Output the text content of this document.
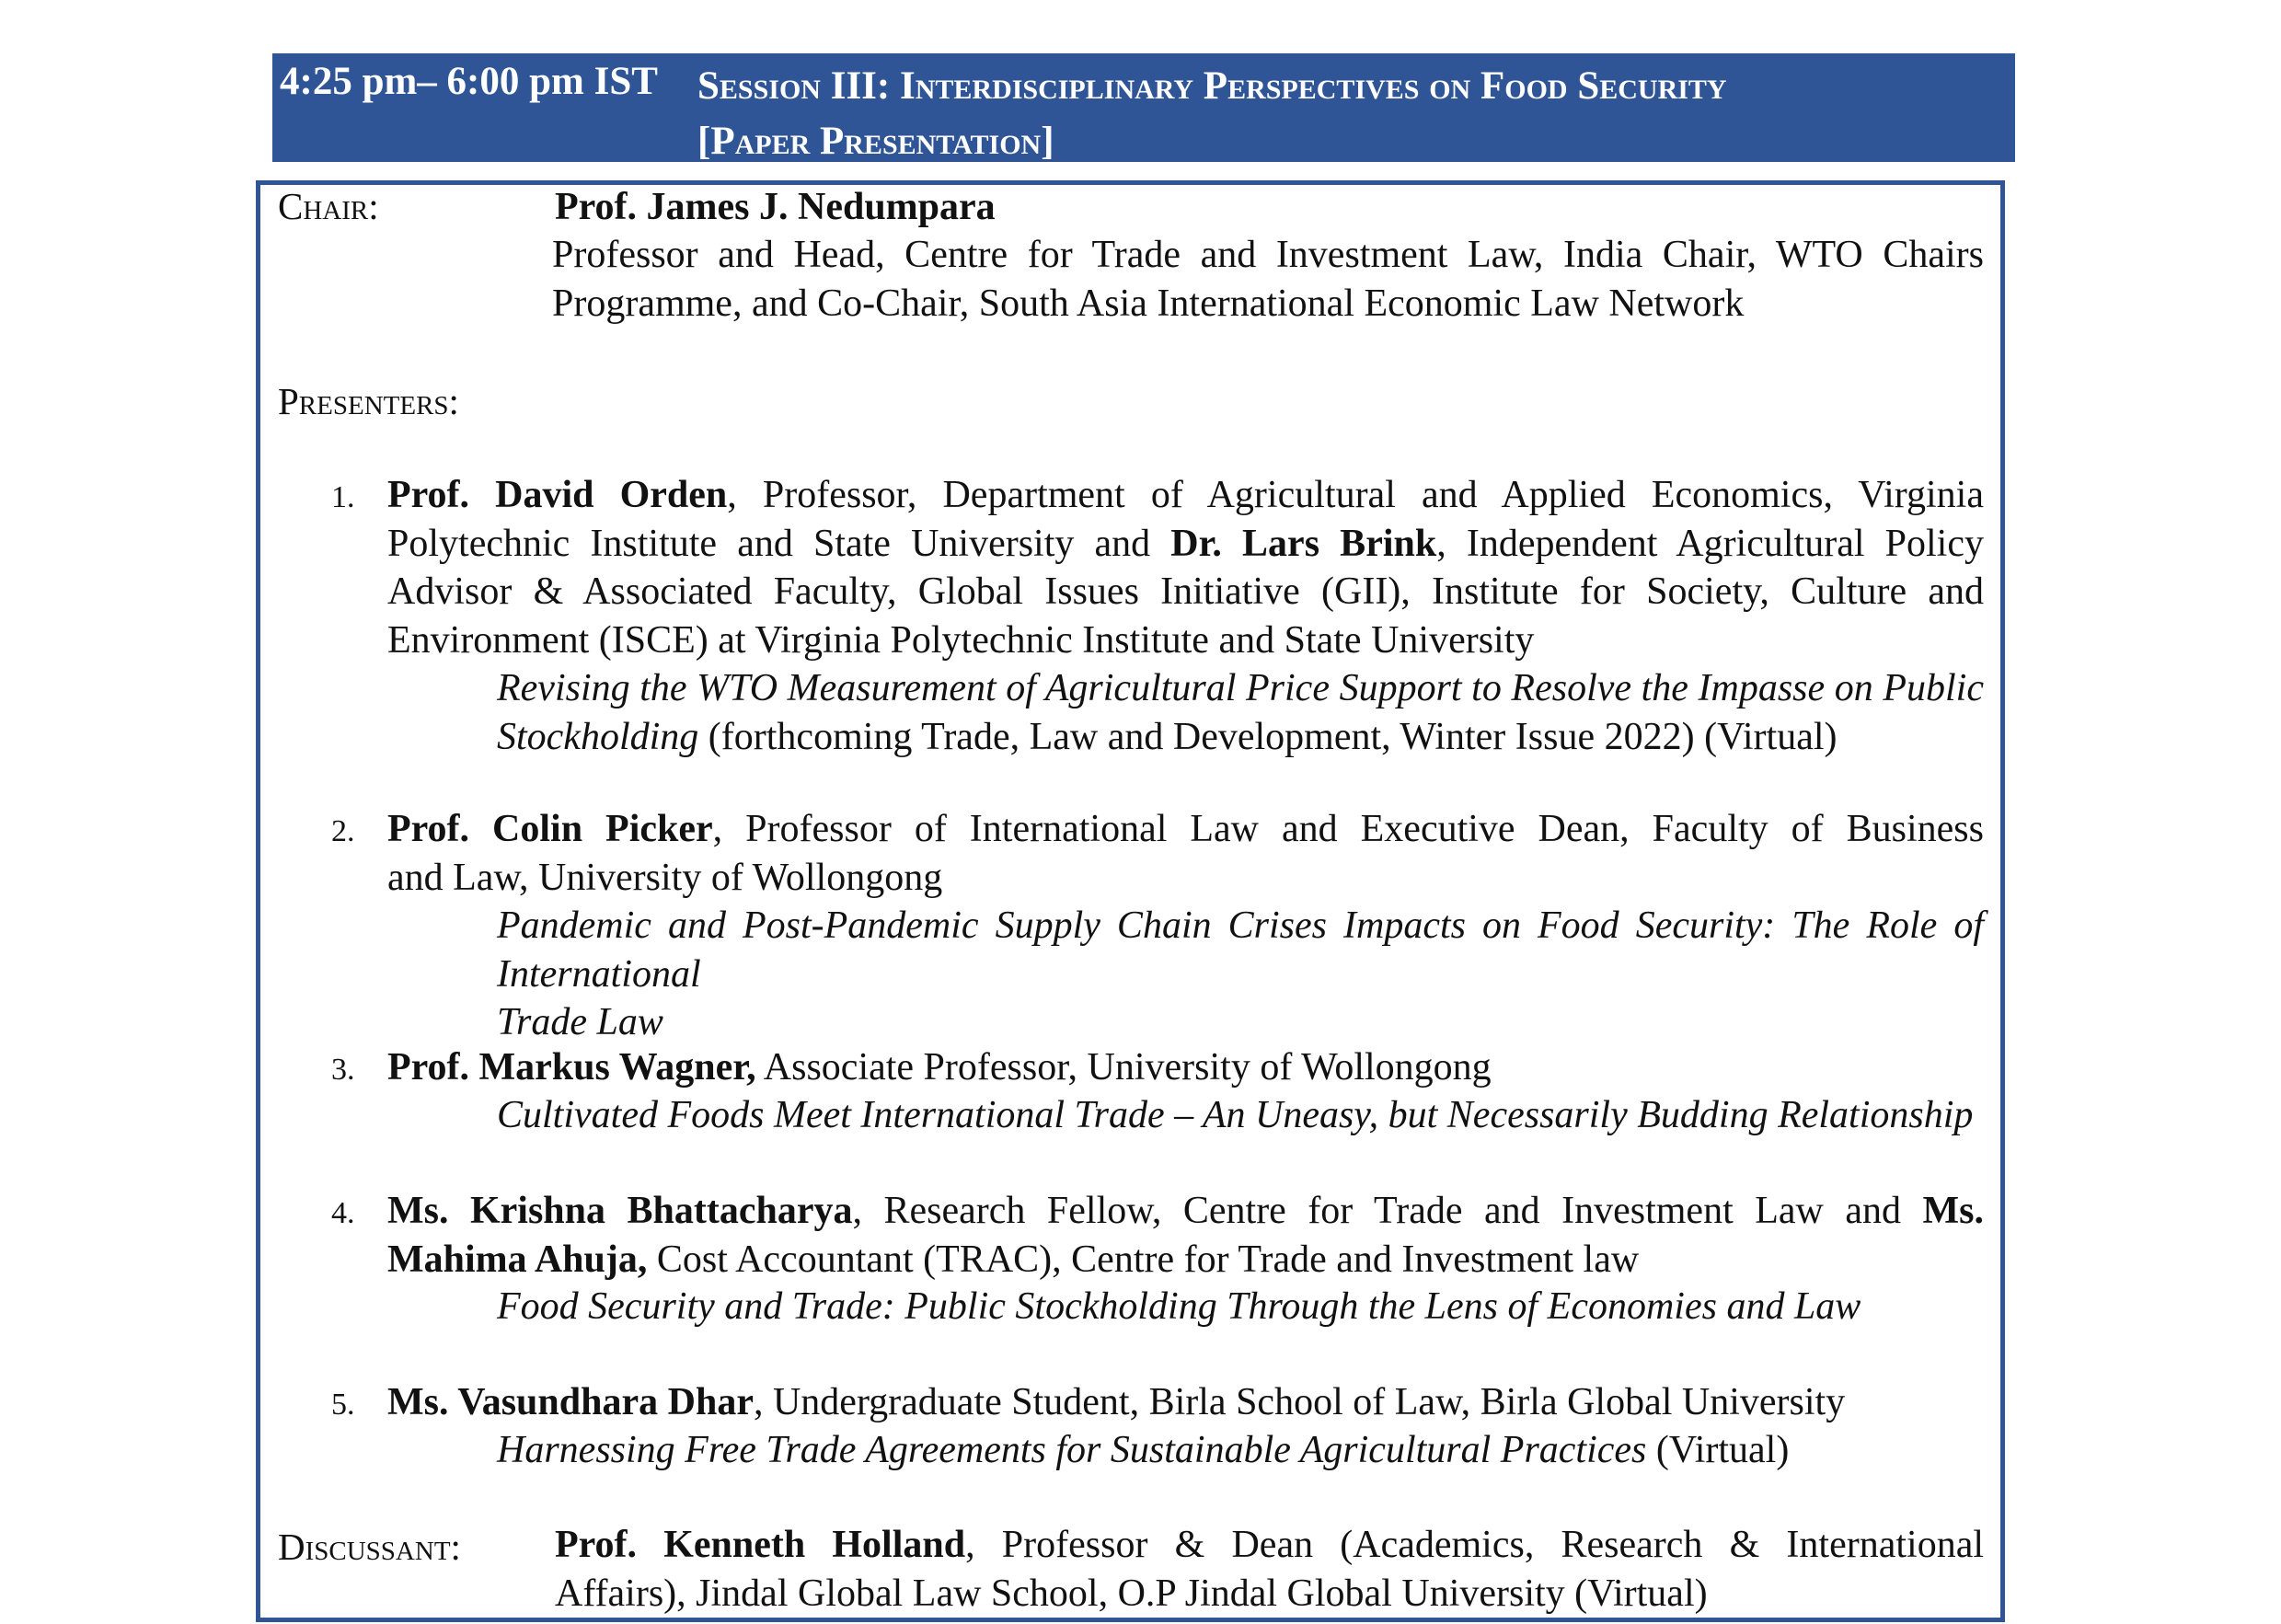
4:25 pm– 6:00 pm IST Session III: Interdisciplinary Perspectives on Food Security
[Paper Presentation]
Chair:	Prof. James J. Nedumpara
Professor and Head, Centre for Trade and Investment Law, India Chair, WTO Chairs
Programme, and Co-Chair, South Asia International Economic Law Network
Presenters:
1. Prof. David Orden, Professor, Department of Agricultural and Applied Economics, Virginia
Polytechnic Institute and State University and Dr. Lars Brink, Independent Agricultural Policy
Advisor & Associated Faculty, Global Issues Initiative (GII), Institute for Society, Culture and
Environment (ISCE) at Virginia Polytechnic Institute and State University
Revising the WTO Measurement of Agricultural Price Support to Resolve the Impasse on Public
Stockholding (forthcoming Trade, Law and Development, Winter Issue 2022) (Virtual)
2. Prof. Colin Picker, Professor of International Law and Executive Dean, Faculty of Business
and Law, University of Wollongong
Pandemic and Post-Pandemic Supply Chain Crises Impacts on Food Security: The Role of International
Trade Law
3. Prof. Markus Wagner, Associate Professor, University of Wollongong
Cultivated Foods Meet International Trade – An Uneasy, but Necessarily Budding Relationship
4. Ms. Krishna Bhattacharya, Research Fellow, Centre for Trade and Investment Law and Ms.
Mahima Ahuja, Cost Accountant (TRAC), Centre for Trade and Investment law
Food Security and Trade: Public Stockholding Through the Lens of Economies and Law
5. Ms. Vasundhara Dhar, Undergraduate Student, Birla School of Law, Birla Global University
Harnessing Free Trade Agreements for Sustainable Agricultural Practices (Virtual)
Discussant: Prof. Kenneth Holland, Professor & Dean (Academics, Research & International
Affairs), Jindal Global Law School, O.P Jindal Global University (Virtual)
